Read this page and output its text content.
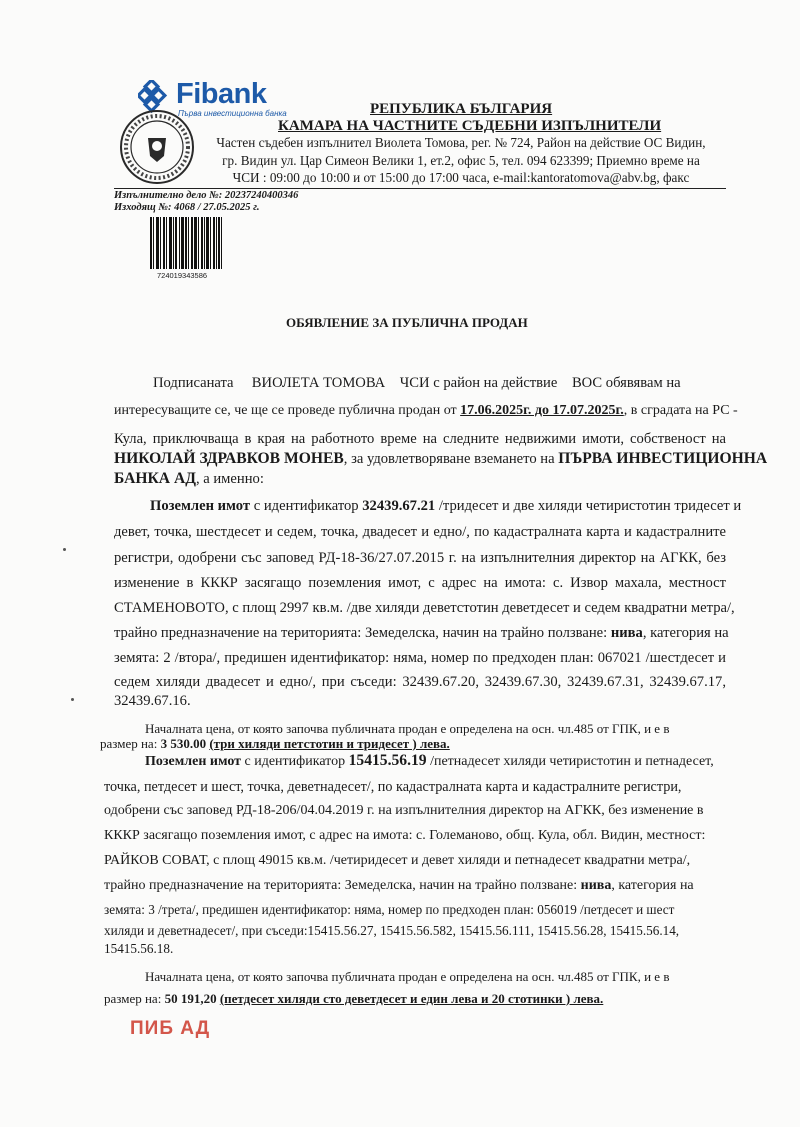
Fibank
Първа инвестиционна банка	РЕПУБЛИКА БЪЛГАРИЯ
КАМАРА НА ЧАСТНИТЕ СЪДЕБНИ ИЗПЪЛНИТЕЛИ
Частен съдебен изпълнител Виолета Томова, рег. № 724, Район на действие ОС Видин,
гр. Видин ул. Цар Симеон Велики 1, ет.2, офис 5, тел. 094 623399; Приемно време на
ЧСИ : 09:00 до 10:00 и от 15:00 до 17:00 часа, e-mail:kantoratomova@abv.bg, факс
Изпълнително дело №: 20237240400346
Изходящ №: 4068 / 27.05.2025 г.
724019343586
ОБЯВЛЕНИЕ ЗА ПУБЛИЧНА ПРОДАН
Подписаната ВИОЛЕТА ТОМОВА ЧСИ с район на действие ВОС обявявам на
интересуващите се, че ще се проведе публична продан от 17.06.2025г. до 17.07.2025г., в сградата на РС -
Кула, приключваща в края на работното време на следните недвижими имоти, собственост на
НИКОЛАЙ ЗДРАВКОВ МОНЕВ, за удовлетворяване вземането на ПЪРВА ИНВЕСТИЦИОННА
БАНКА АД, а именно:
Поземлен имот с идентификатор 32439.67.21 /тридесет и две хиляди четиристотин тридесет и
девет, точка, шестдесет и седем, точка, двадесет и едно/, по кадастралната карта и кадастралните
регистри, одобрени със заповед РД-18-36/27.07.2015 г. на изпълнителния директор на АГКК, без
изменение в КККР засягащо поземления имот, с адрес на имота: с. Извор махала, местност
СТАМЕНОВОТО, с площ 2997 кв.м. /две хиляди деветстотин деветдесет и седем квадратни метра/,
трайно предназначение на територията: Земеделска, начин на трайно ползване: нива, категория на
земята: 2 /втора/, предишен идентификатор: няма, номер по предходен план: 067021 /шестдесет и
седем хиляди двадесет и едно/, при съседи: 32439.67.20, 32439.67.30, 32439.67.31, 32439.67.17,
32439.67.16.
Началната цена, от която започва публичната продан е определена на осн. чл.485 от ГПК, и е в
размер на: 3 530.00 (три хиляди петстотин и тридесет ) лева.
Поземлен имот с идентификатор 15415.56.19 /петнадесет хиляди четиристотин и петнадесет,
точка, петдесет и шест, точка, деветнадесет/, по кадастралната карта и кадастралните регистри,
одобрени със заповед РД-18-206/04.04.2019 г. на изпълнителния директор на АГКК, без изменение в
КККР засягащо поземления имот, с адрес на имота: с. Големаново, общ. Кула, обл. Видин, местност:
РАЙКОВ СОВАТ, с площ 49015 кв.м. /четиридесет и девет хиляди и петнадесет квадратни метра/,
трайно предназначение на територията: Земеделска, начин на трайно ползване: нива, категория на
земята: 3 /трета/, предишен идентификатор: няма, номер по предходен план: 056019 /петдесет и шест
хиляди и деветнадесет/, при съседи:15415.56.27, 15415.56.582, 15415.56.111, 15415.56.28, 15415.56.14,
15415.56.18.
Началната цена, от която започва публичната продан е определена на осн. чл.485 от ГПК, и е в
размер на: 50 191,20 (петдесет хиляди сто деветдесет и един лева и 20 стотинки ) лева.
ПИБ АД
